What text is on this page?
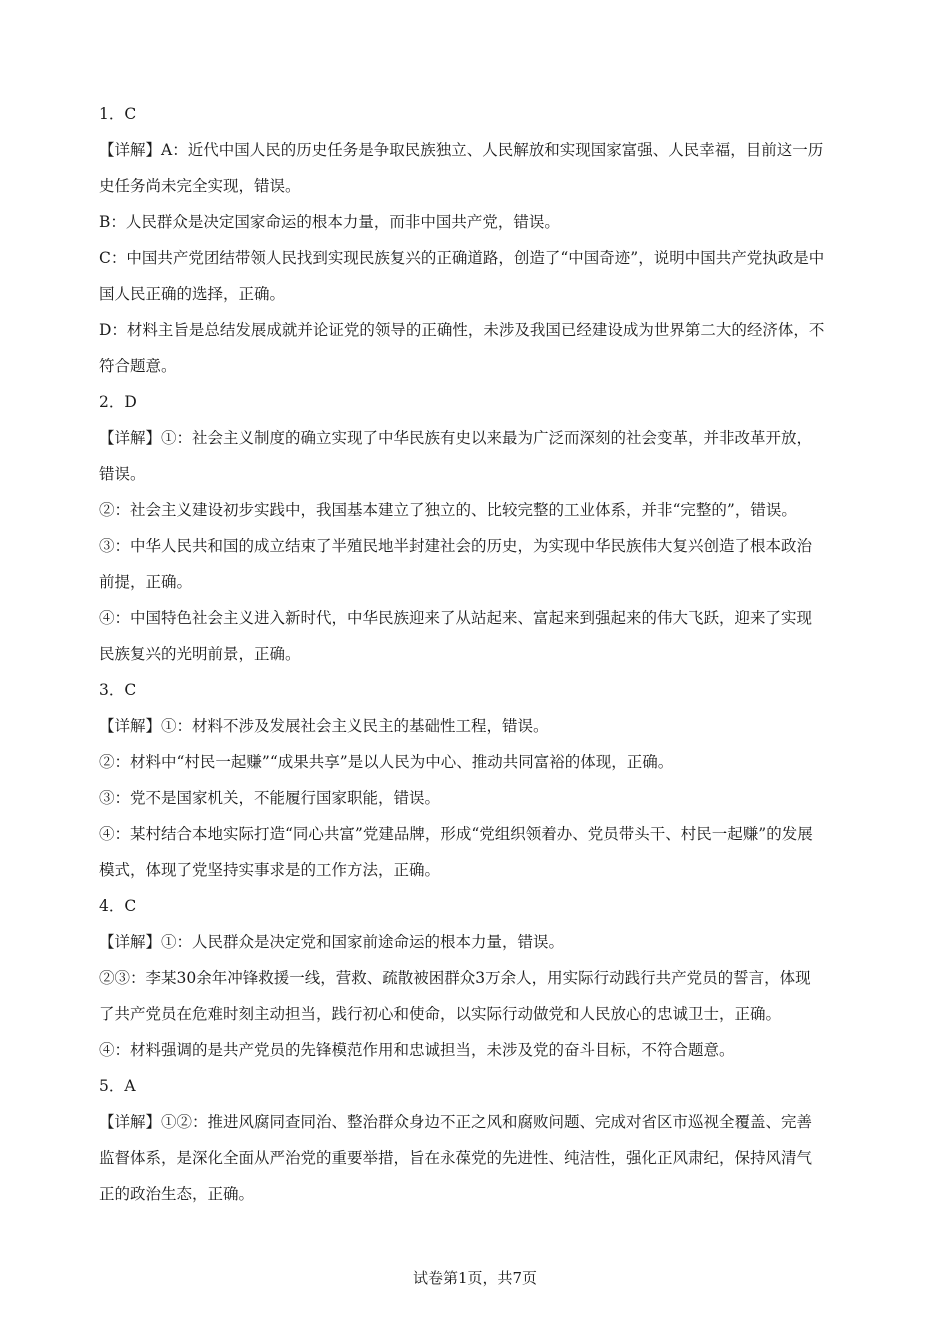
1．C
【详解】A：近代中国人民的历史任务是争取民族独立、人民解放和实现国家富强、人民幸福，目前这一历
史任务尚未完全实现，错误。
B：人民群众是决定国家命运的根本力量，而非中国共产党，错误。
C：中国共产党团结带领人民找到实现民族复兴的正确道路，创造了“中国奇迹”，说明中国共产党执政是中
国人民正确的选择，正确。
D：材料主旨是总结发展成就并论证党的领导的正确性，未涉及我国已经建设成为世界第二大的经济体，不
符合题意。
2．D
【详解】①：社会主义制度的确立实现了中华民族有史以来最为广泛而深刻的社会变革，并非改革开放，
错误。
②：社会主义建设初步实践中，我国基本建立了独立的、比较完整的工业体系，并非“完整的”，错误。
③：中华人民共和国的成立结束了半殖民地半封建社会的历史，为实现中华民族伟大复兴创造了根本政治
前提，正确。
④：中国特色社会主义进入新时代，中华民族迎来了从站起来、富起来到强起来的伟大飞跃，迎来了实现
民族复兴的光明前景，正确。
3．C
【详解】①：材料不涉及发展社会主义民主的基础性工程，错误。
②：材料中“村民一起赚”“成果共享”是以人民为中心、推动共同富裕的体现，正确。
③：党不是国家机关，不能履行国家职能，错误。
④：某村结合本地实际打造“同心共富”党建品牌，形成“党组织领着办、党员带头干、村民一起赚”的发展
模式，体现了党坚持实事求是的工作方法，正确。
4．C
【详解】①：人民群众是决定党和国家前途命运的根本力量，错误。
②③：李某30余年冲锋救援一线，营救、疏散被困群众3万余人，用实际行动践行共产党员的誓言，体现
了共产党员在危难时刻主动担当，践行初心和使命，以实际行动做党和人民放心的忠诚卫士，正确。
④：材料强调的是共产党员的先锋模范作用和忠诚担当，未涉及党的奋斗目标，不符合题意。
5．A
【详解】①②：推进风腐同查同治、整治群众身边不正之风和腐败问题、完成对省区市巡视全覆盖、完善
监督体系，是深化全面从严治党的重要举措，旨在永葆党的先进性、纯洁性，强化正风肃纪，保持风清气
正的政治生态，正确。
试卷第1页，共7页
